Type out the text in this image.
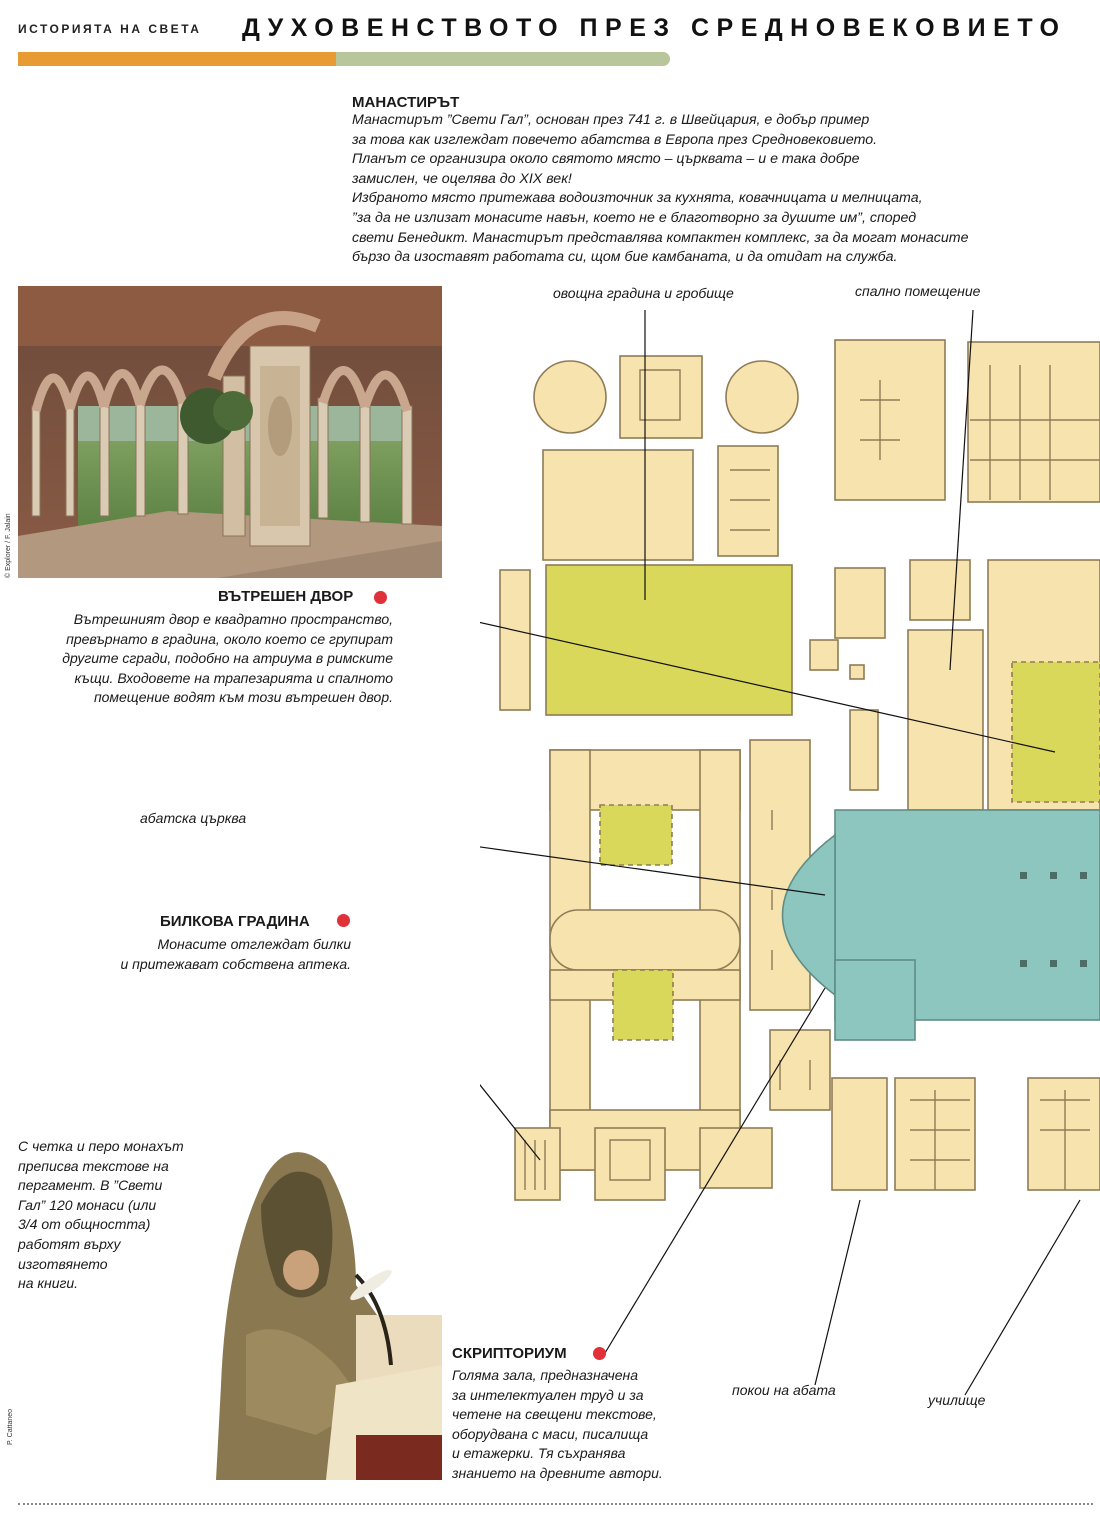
ИСТОРИЯТА НА СВЕТА ДУХОВЕНСТВОТО ПРЕЗ СРЕДНОВЕКОВИЕТО
МАНАСТИРЪТ
Манастирът ”Свети Гал”, основан през 741 г. в Швейцария, е добър пример
за това как изглеждат повечето абатства в Европа през Средновековието.
Планът се организира около святото място – църквата – и е така добре
замислен, че оцелява до XIX век!
Избраното място притежава водоизточник за кухнята, ковачницата и мелницата,
”за да не излизат монасите навън, което не е благотворно за душите им”, според
свети Бенедикт. Манастирът представлява компактен комплекс, за да могат монасите
бързо да изоставят работата си, щом бие камбаната, и да отидат на служба.
© Explorer / F. Jalain
овощна градина и гробище	спално помещение
абатска църква
покои на абата
училище
ВЪТРЕШЕН ДВОР
Вътрешният двор е квадратно пространство,
превърнато в градина, около което се групират
другите сгради, подобно на атриума в римските
къщи. Входовете на трапезарията и спалното
помещение водят към този вътрешен двор.
БИЛКОВА ГРАДИНА
Монасите отглеждат билки
и притежават собствена аптека.
С четка и перо монахът
преписва текстове на
пергамент. В ”Свети
Гал” 120 монаси (или
3/4 от общността)
работят върху
изготвянето
на книги.
P. Cattaneo
СКРИПТОРИУМ
Голяма зала, предназначена
за интелектуален труд и за
четене на свещени текстове,
оборудвана с маси, писалища
и етажерки. Тя съхранява
знанието на древните автори.
